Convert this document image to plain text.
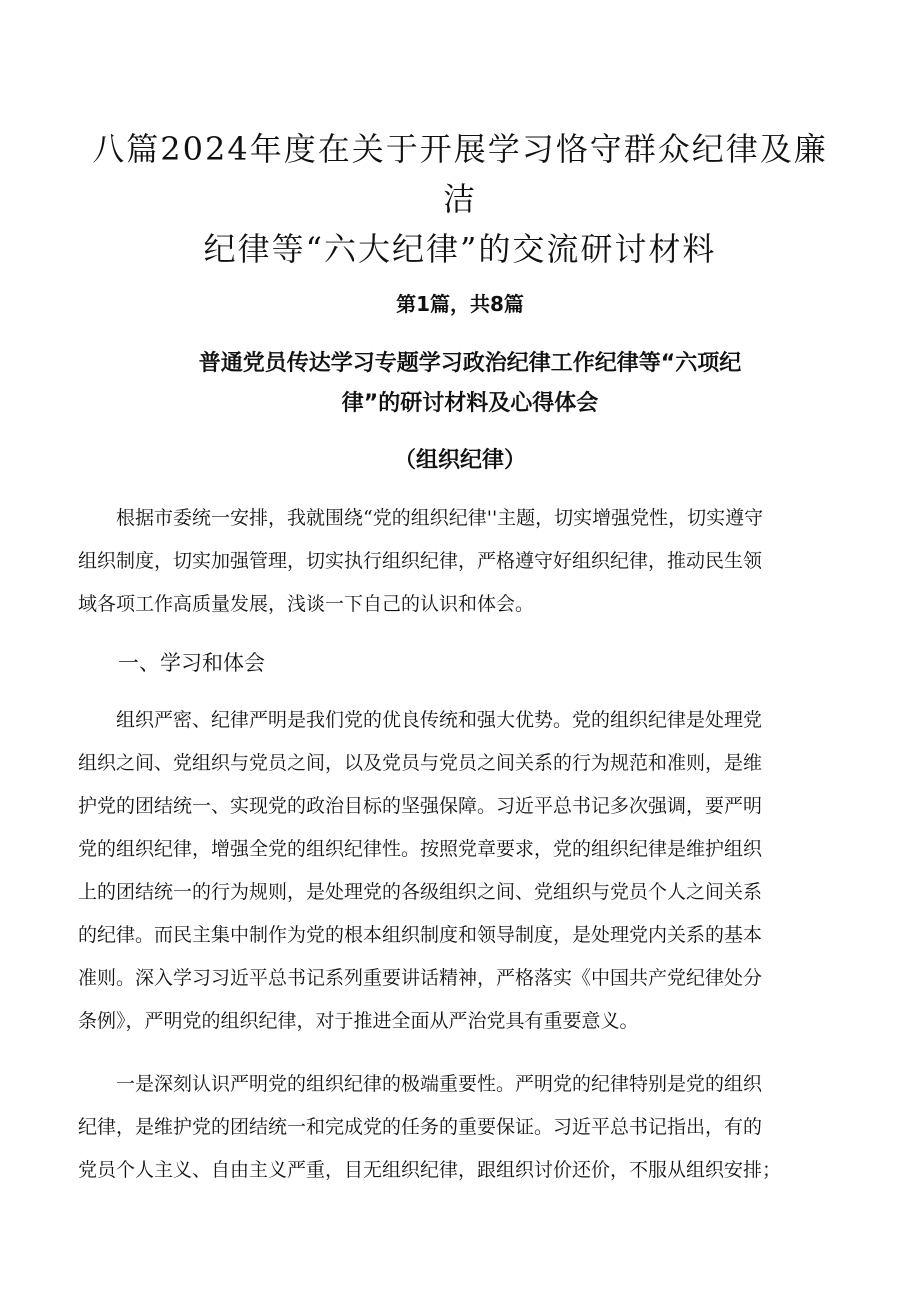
八篇2024年度在关于开展学习恪守群众纪律及廉洁
纪律等“六大纪律”的交流研讨材料

第1篇，共8篇

普通党员传达学习专题学习政治纪律工作纪律等“六项纪
律”的研讨材料及心得体会

（组织纪律）

根据市委统一安排，我就围绕“党的组织纪律''主题，切实增强党性，切实遵守
组织制度，切实加强管理，切实执行组织纪律，严格遵守好组织纪律，推动民生领
域各项工作高质量发展，浅谈一下自己的认识和体会。

一、学习和体会

组织严密、纪律严明是我们党的优良传统和强大优势。党的组织纪律是处理党
组织之间、党组织与党员之间，以及党员与党员之间关系的行为规范和准则，是维
护党的团结统一、实现党的政治目标的坚强保障。习近平总书记多次强调，要严明
党的组织纪律，增强全党的组织纪律性。按照党章要求，党的组织纪律是维护组织
上的团结统一的行为规则，是处理党的各级组织之间、党组织与党员个人之间关系
的纪律。而民主集中制作为党的根本组织制度和领导制度，是处理党内关系的基本
准则。深入学习习近平总书记系列重要讲话精神，严格落实《中国共产党纪律处分
条例》，严明党的组织纪律，对于推进全面从严治党具有重要意义。

一是深刻认识严明党的组织纪律的极端重要性。严明党的纪律特别是党的组织
纪律，是维护党的团结统一和完成党的任务的重要保证。习近平总书记指出，有的
党员个人主义、自由主义严重，目无组织纪律，跟组织讨价还价，不服从组织安排；
